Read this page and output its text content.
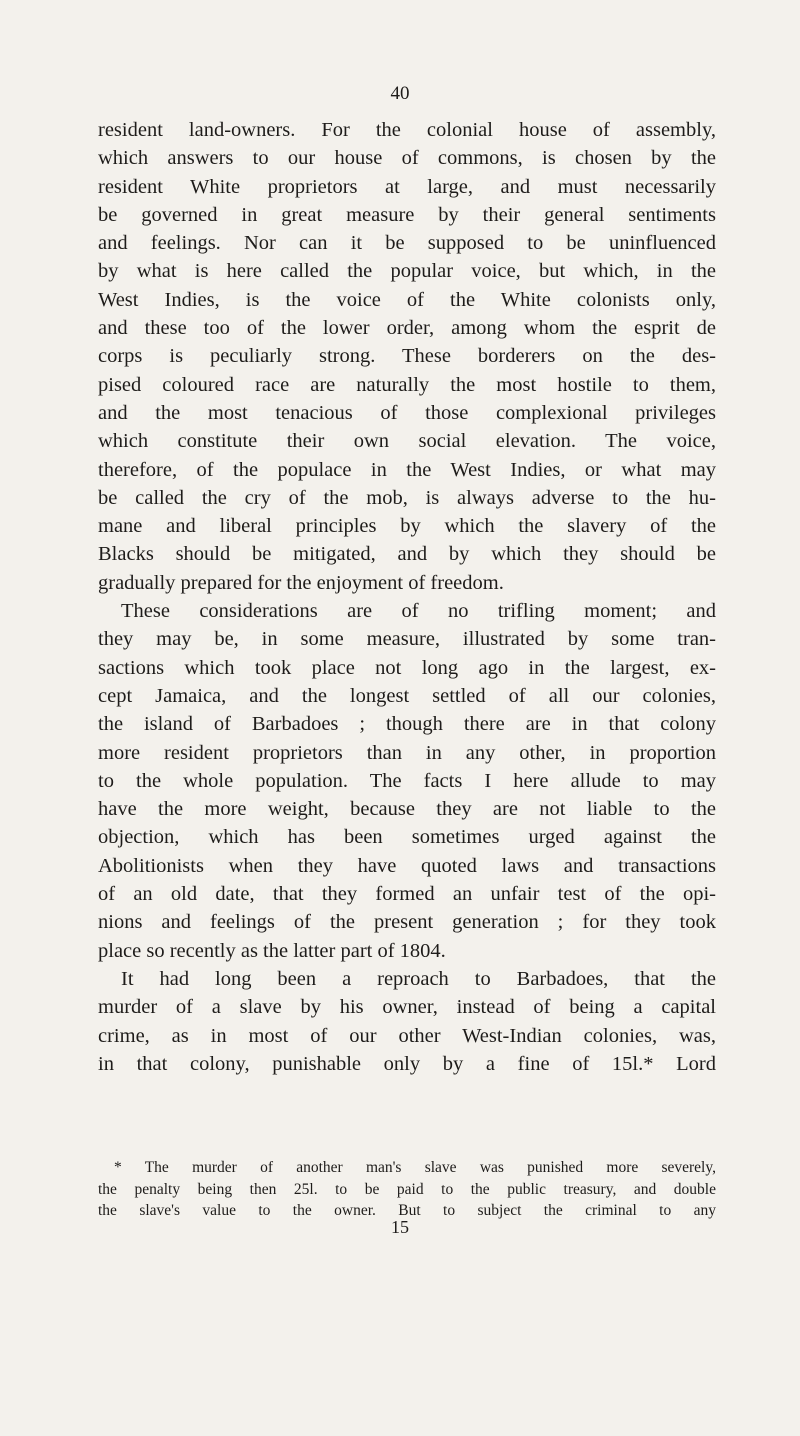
40
resident land-owners. For the colonial house of assembly,
which answers to our house of commons, is chosen by the
resident White proprietors at large, and must necessarily
be governed in great measure by their general sentiments
and feelings. Nor can it be supposed to be uninfluenced
by what is here called the popular voice, but which, in the
West Indies, is the voice of the White colonists only,
and these too of the lower order, among whom the esprit de
corps is peculiarly strong. These borderers on the des-
pised coloured race are naturally the most hostile to them,
and the most tenacious of those complexional privileges
which constitute their own social elevation. The voice,
therefore, of the populace in the West Indies, or what may
be called the cry of the mob, is always adverse to the hu-
mane and liberal principles by which the slavery of the
Blacks should be mitigated, and by which they should be
gradually prepared for the enjoyment of freedom.
These considerations are of no trifling moment; and
they may be, in some measure, illustrated by some tran-
sactions which took place not long ago in the largest, ex-
cept Jamaica, and the longest settled of all our colonies,
the island of Barbadoes ; though there are in that colony
more resident proprietors than in any other, in proportion
to the whole population. The facts I here allude to may
have the more weight, because they are not liable to the
objection, which has been sometimes urged against the
Abolitionists when they have quoted laws and transactions
of an old date, that they formed an unfair test of the opi-
nions and feelings of the present generation ; for they took
place so recently as the latter part of 1804.
It had long been a reproach to Barbadoes, that the
murder of a slave by his owner, instead of being a capital
crime, as in most of our other West-Indian colonies, was,
in that colony, punishable only by a fine of 15l.* Lord
* The murder of another man's slave was punished more severely,
the penalty being then 25l. to be paid to the public treasury, and double
the slave's value to the owner. But to subject the criminal to any
15
